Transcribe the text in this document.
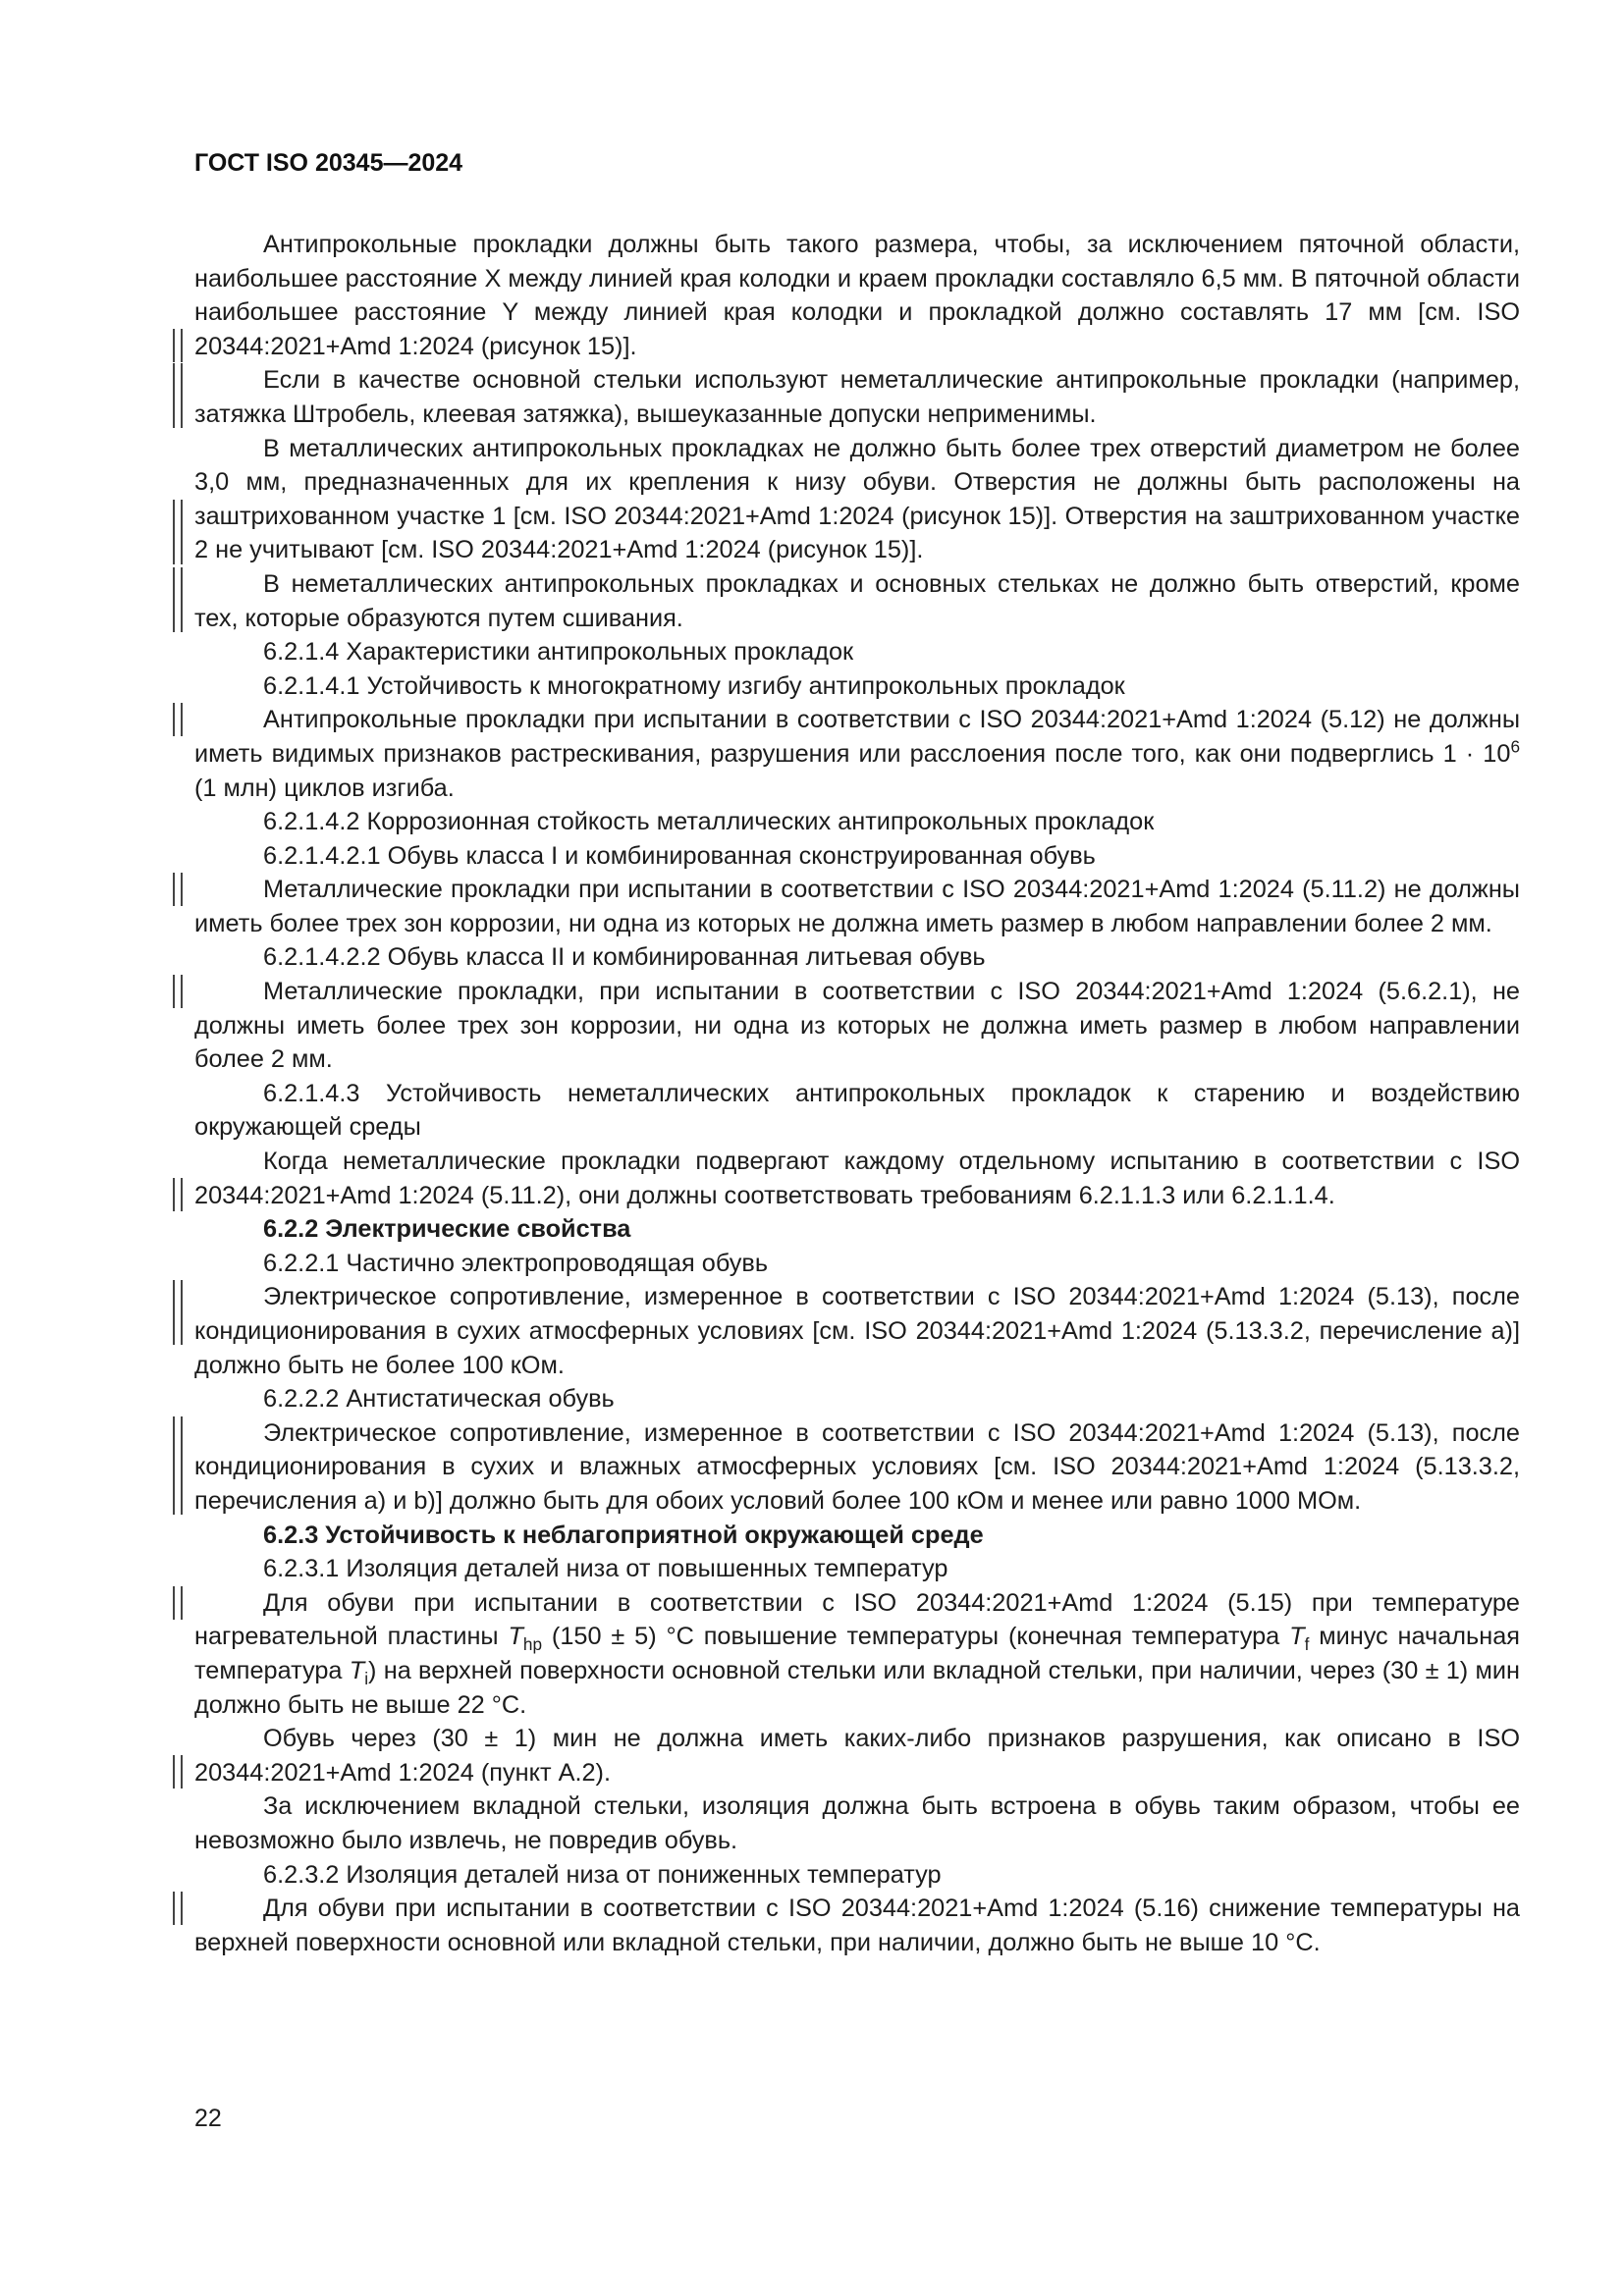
ГОСТ ISO 20345—2024

Антипрокольные прокладки должны быть такого размера, чтобы, за исключением пяточной области, наибольшее расстояние X между линией края колодки и краем прокладки составляло 6,5 мм. В пяточной области наибольшее расстояние Y между линией края колодки и прокладкой должно составлять 17 мм [см. ISO 20344:2021+Amd 1:2024 (рисунок 15)].

Если в качестве основной стельки используют неметаллические антипрокольные прокладки (например, затяжка Штробель, клеевая затяжка), вышеуказанные допуски неприменимы.

В металлических антипрокольных прокладках не должно быть более трех отверстий диаметром не более 3,0 мм, предназначенных для их крепления к низу обуви. Отверстия не должны быть расположены на заштрихованном участке 1 [см. ISO 20344:2021+Amd 1:2024 (рисунок 15)]. Отверстия на заштрихованном участке 2 не учитывают [см. ISO 20344:2021+Amd 1:2024 (рисунок 15)].

В неметаллических антипрокольных прокладках и основных стельках не должно быть отверстий, кроме тех, которые образуются путем сшивания.

6.2.1.4 Характеристики антипрокольных прокладок

6.2.1.4.1 Устойчивость к многократному изгибу антипрокольных прокладок

Антипрокольные прокладки при испытании в соответствии с ISO 20344:2021+Amd 1:2024 (5.12) не должны иметь видимых признаков растрескивания, разрушения или расслоения после того, как они подверглись $1 \cdot 10^6$ (1 млн) циклов изгиба.

6.2.1.4.2 Коррозионная стойкость металлических антипрокольных прокладок

6.2.1.4.2.1 Обувь класса I и комбинированная сконструированная обувь

Металлические прокладки при испытании в соответствии с ISO 20344:2021+Amd 1:2024 (5.11.2) не должны иметь более трех зон коррозии, ни одна из которых не должна иметь размер в любом направлении более 2 мм.

6.2.1.4.2.2 Обувь класса II и комбинированная литьевая обувь

Металлические прокладки, при испытании в соответствии с ISO 20344:2021+Amd 1:2024 (5.6.2.1), не должны иметь более трех зон коррозии, ни одна из которых не должна иметь размер в любом направлении более 2 мм.

6.2.1.4.3 Устойчивость неметаллических антипрокольных прокладок к старению и воздействию окружающей среды

Когда неметаллические прокладки подвергают каждому отдельному испытанию в соответствии с ISO 20344:2021+Amd 1:2024 (5.11.2), они должны соответствовать требованиям 6.2.1.1.3 или 6.2.1.1.4.

6.2.2 Электрические свойства

6.2.2.1 Частично электропроводящая обувь

Электрическое сопротивление, измеренное в соответствии с ISO 20344:2021+Amd 1:2024 (5.13), после кондиционирования в сухих атмосферных условиях [см. ISO 20344:2021+Amd 1:2024 (5.13.3.2, перечисление а)] должно быть не более 100 кОм.

6.2.2.2 Антистатическая обувь

Электрическое сопротивление, измеренное в соответствии с ISO 20344:2021+Amd 1:2024 (5.13), после кондиционирования в сухих и влажных атмосферных условиях [см. ISO 20344:2021+Amd 1:2024 (5.13.3.2, перечисления а) и b)] должно быть для обоих условий более 100 кОм и менее или равно 1000 МОм.

6.2.3 Устойчивость к неблагоприятной окружающей среде

6.2.3.1 Изоляция деталей низа от повышенных температур

Для обуви при испытании в соответствии с ISO 20344:2021+Amd 1:2024 (5.15) при температуре нагревательной пластины $T_{hp}$ (150 ± 5) °C повышение температуры (конечная температура $T_f$ минус начальная температура $T_i$) на верхней поверхности основной стельки или вкладной стельки, при наличии, через (30 ± 1) мин должно быть не выше 22 °C.

Обувь через (30 ± 1) мин не должна иметь каких-либо признаков разрушения, как описано в ISO 20344:2021+Amd 1:2024 (пункт А.2).

За исключением вкладной стельки, изоляция должна быть встроена в обувь таким образом, чтобы ее невозможно было извлечь, не повредив обувь.

6.2.3.2 Изоляция деталей низа от пониженных температур

Для обуви при испытании в соответствии с ISO 20344:2021+Amd 1:2024 (5.16) снижение температуры на верхней поверхности основной или вкладной стельки, при наличии, должно быть не выше 10 °C.

22
